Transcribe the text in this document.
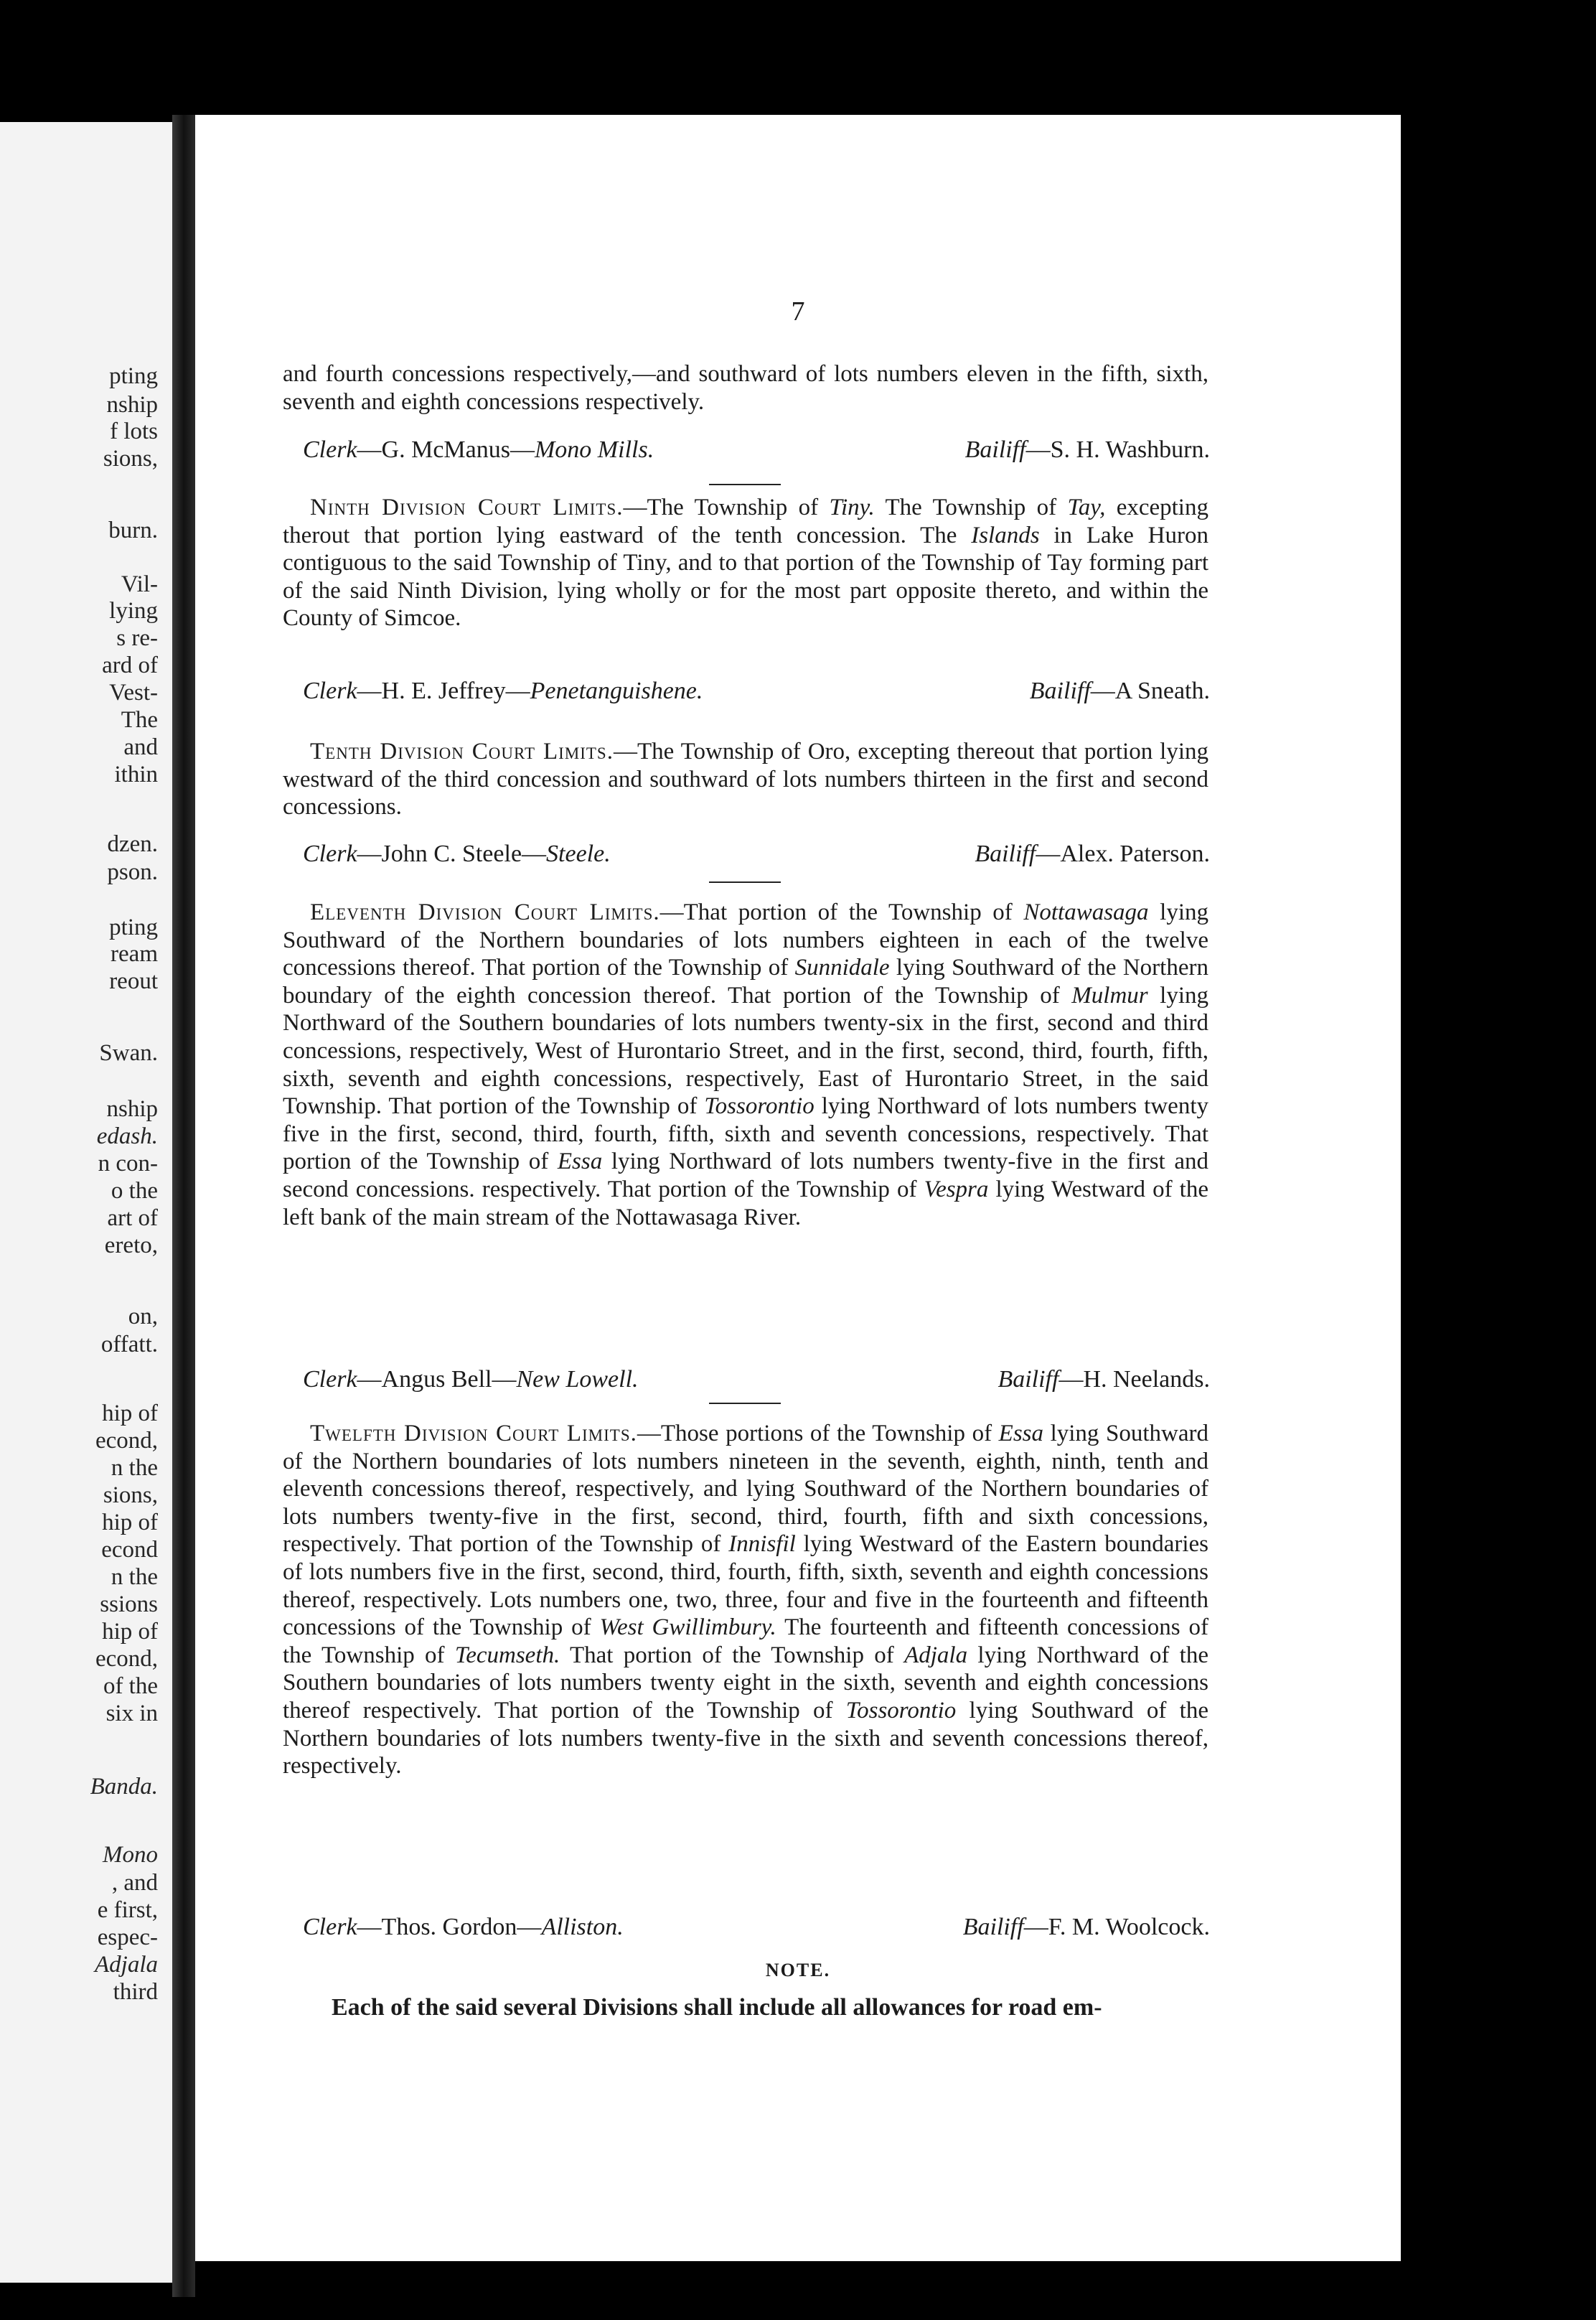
pting
nship
f lots
sions,
burn.
Vil-
lying
s re-
ard of
Vest-
The
and
ithin
dzen.
pson.
pting
ream
reout
Swan.
nship
edash.
n con-
o the
art of
ereto,
on,
offatt.
hip of
econd,
n the
sions,
hip of
econd
n the
ssions
hip of
econd,
of the
six in
Banda.
Mono
, and
e first,
espec-
Adjala
third
7
and fourth concessions respectively,—and southward of lots numbers eleven in the fifth, sixth, seventh and eighth concessions respectively.
Clerk—G. McManus—Mono Mills.	Bailiff—S. H. Washburn.
Ninth Division Court Limits.—The Township of Tiny. The Township of Tay, excepting therout that portion lying eastward of the tenth concession. The Islands in Lake Huron contiguous to the said Township of Tiny, and to that portion of the Township of Tay forming part of the said Ninth Division, lying wholly or for the most part opposite thereto, and within the County of Simcoe.
Clerk—H. E. Jeffrey—Penetanguishene.	Bailiff—A Sneath.
Tenth Division Court Limits.—The Township of Oro, excepting thereout that portion lying westward of the third concession and southward of lots numbers thirteen in the first and second concessions.
Clerk—John C. Steele—Steele.	Bailiff—Alex. Paterson.
Eleventh Division Court Limits.—That portion of the Township of Nottawasaga lying Southward of the Northern boundaries of lots numbers eighteen in each of the twelve concessions thereof. That portion of the Township of Sunnidale lying Southward of the Northern boundary of the eighth concession thereof. That portion of the Township of Mulmur lying Northward of the Southern boundaries of lots numbers twenty-six in the first, second and third concessions, respectively, West of Hurontario Street, and in the first, second, third, fourth, fifth, sixth, seventh and eighth concessions, respectively, East of Hurontario Street, in the said Township. That portion of the Township of Tossorontio lying Northward of lots numbers twenty five in the first, second, third, fourth, fifth, sixth and seventh concessions, respectively. That portion of the Township of Essa lying Northward of lots numbers twenty-five in the first and second concessions. respectively. That portion of the Township of Vespra lying Westward of the left bank of the main stream of the Nottawasaga River.
Clerk—Angus Bell—New Lowell.	Bailiff—H. Neelands.
Twelfth Division Court Limits.—Those portions of the Township of Essa lying Southward of the Northern boundaries of lots numbers nineteen in the seventh, eighth, ninth, tenth and eleventh concessions thereof, respectively, and lying Southward of the Northern boundaries of lots numbers twenty-five in the first, second, third, fourth, fifth and sixth concessions, respectively. That portion of the Township of Innisfil lying Westward of the Eastern boundaries of lots numbers five in the first, second, third, fourth, fifth, sixth, seventh and eighth concessions thereof, respectively. Lots numbers one, two, three, four and five in the fourteenth and fifteenth concessions of the Township of West Gwillimbury. The fourteenth and fifteenth concessions of the Township of Tecumseth. That portion of the Township of Adjala lying Northward of the Southern boundaries of lots numbers twenty eight in the sixth, seventh and eighth concessions thereof respectively. That portion of the Township of Tossorontio lying Southward of the Northern boundaries of lots numbers twenty-five in the sixth and seventh concessions thereof, respectively.
Clerk—Thos. Gordon—Alliston.	Bailiff—F. M. Woolcock.
NOTE.
Each of the said several Divisions shall include all allowances for road em-
